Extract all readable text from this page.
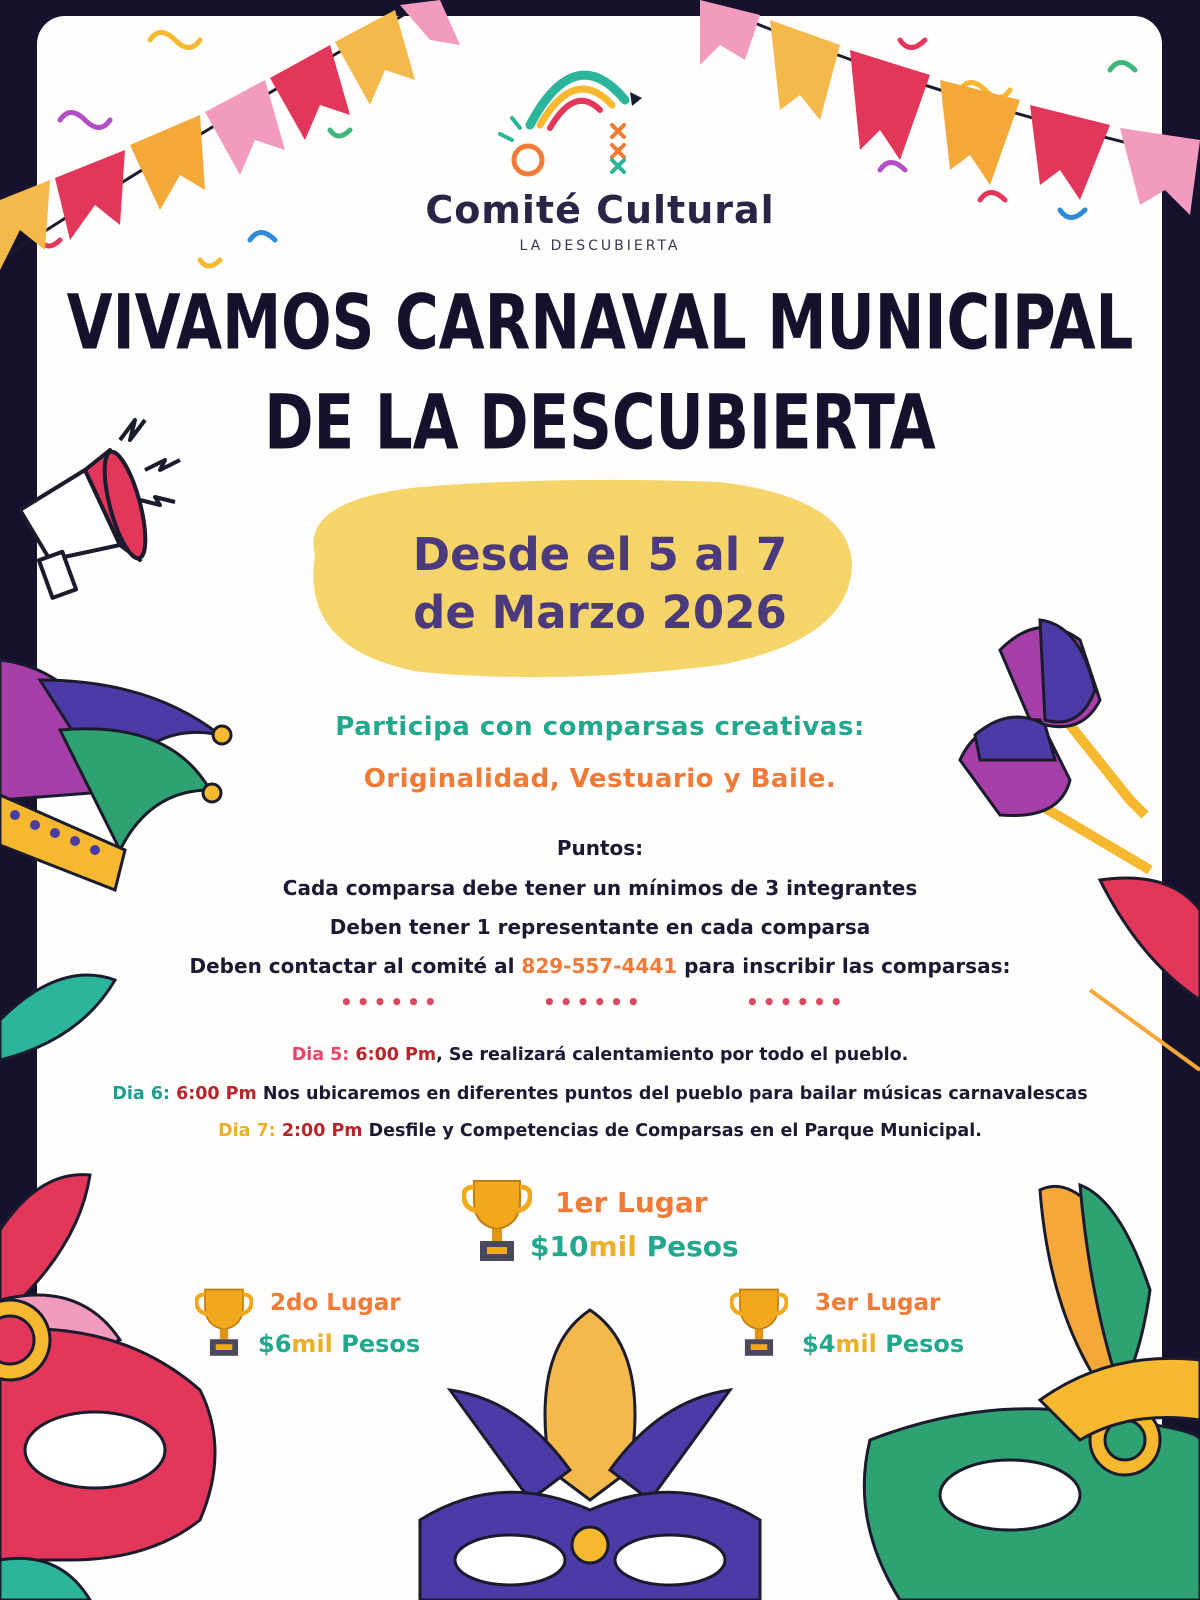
Comité Cultural
LA DESCUBIERTA
VIVAMOS CARNAVAL MUNICIPAL
DE LA DESCUBIERTA
Desde el 5 al 7
de Marzo 2026
Participa con comparsas creativas:
Originalidad, Vestuario y Baile.
Puntos:
Cada comparsa debe tener un mínimos de 3 integrantes
Deben tener 1 representante en cada comparsa
Deben contactar al comité al 829-557-4441 para inscribir las comparsas:
••••••	••••••	••••••
Dia 5: 6:00 Pm, Se realizará calentamiento por todo el pueblo.
Dia 6: 6:00 Pm Nos ubicaremos en diferentes puntos del pueblo para bailar músicas carnavalescas
Dia 7: 2:00 Pm Desfile y Competencias de Comparsas en el Parque Municipal.
1er Lugar
$10mil Pesos
2do Lugar
$6mil Pesos
3er Lugar
$4mil Pesos
